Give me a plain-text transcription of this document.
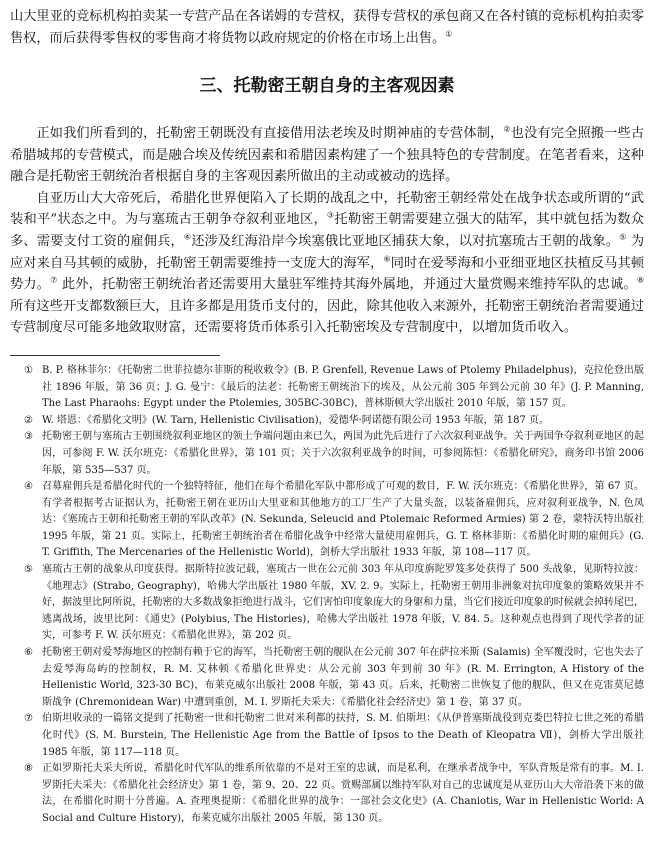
山大里亚的竞标机构拍卖某一专营产品在各诺姆的专营权，获得专营权的承包商又在各村镇的竞标机构拍卖零售权，而后获得零售权的零售商才将货物以政府规定的价格在市场上出售。①

三、托勒密王朝自身的主客观因素

正如我们所看到的，托勒密王朝既没有直接借用法老埃及时期神庙的专营体制，②也没有完全照搬一些古希腊城邦的专营模式，而是融合埃及传统因素和希腊因素构建了一个独具特色的专营制度。在笔者看来，这种融合是托勒密王朝统治者根据自身的主客观因素所做出的主动或被动的选择。

自亚历山大大帝死后，希腊化世界便陷入了长期的战乱之中，托勒密王朝经常处在战争状态或所谓的“武装和平”状态之中。为与塞琉古王朝争夺叙利亚地区，③托勒密王朝需要建立强大的陆军，其中就包括为数众多、需要支付工资的雇佣兵，④还涉及红海沿岸今埃塞俄比亚地区捕获大象，以对抗塞琉古王朝的战象。⑤ 为应对来自马其顿的威胁，托勒密王朝需要维持一支庞大的海军，⑥同时在爱琴海和小亚细亚地区扶植反马其顿势力。⑦ 此外，托勒密王朝统治者还需要用大量驻军维持其海外属地，并通过大量赏赐来维持军队的忠诚。⑧ 所有这些开支都数额巨大，且许多都是用货币支付的，因此，除其他收入来源外，托勒密王朝统治者需要通过专营制度尽可能多地敛取财富，还需要将货币体系引入托勒密埃及专营制度中，以增加货币收入。

① B. P. 格林菲尔：《托勒密二世菲拉德尔菲斯的税收敕令》(B. P. Grenfell, Revenue Laws of Ptolemy Philadelphus)，克拉伦登出版社 1896 年版，第 36 页；J. G. 曼宁：《最后的法老：托勒密王朝统治下的埃及，从公元前 305 年到公元前 30 年》(J. P. Manning, The Last Pharaohs: Egypt under the Ptolemies, 305BC-30BC)，普林斯顿大学出版社 2010 年版，第 157 页。
② W. 塔恩：《希腊化文明》(W. Tarn, Hellenistic Civilisation)，爱德华·阿诺德有限公司 1953 年版，第 187 页。
③ 托勒密王朝与塞琉古王朝围绕叙利亚地区的领土争端问题由来已久，两国为此先后进行了六次叙利亚战争。关于两国争夺叙利亚地区的起因，可参阅 F. W. 沃尔班克：《希腊化世界》，第 101 页；关于六次叙利亚战争的时间，可参阅陈恒：《希腊化研究》，商务印书馆 2006 年版，第 535—537 页。
④ 召募雇佣兵是希腊化时代的一个独特特征，他们在每个希腊化军队中都形成了可观的数目，F. W. 沃尔班克：《希腊化世界》，第 67 页。有学者根据考古证据认为，托勒密王朝在亚历山大里亚和其他地方的工厂生产了大量头盔，以装备雇佣兵，应对叙利亚战争，N. 色凤达：《塞琉古王朝和托勒密王朝的军队改革》(N. Sekunda, Seleucid and Ptolemaic Reformed Armies) 第 2 卷，蒙特沃特出版社 1995 年版，第 21 页。实际上，托勒密王朝统治者在希腊化战争中经常大量使用雇佣兵，G. T. 格林菲斯：《希腊化时期的雇佣兵》(G. T. Griffith, The Mercenaries of the Hellenistic World)，剑桥大学出版社 1933 年版，第 108—117 页。
⑤ 塞琉古王朝的战象从印度获得。据斯特拉波记载，塞琉古一世在公元前 303 年从印度旃陀罗笈多处获得了 500 头战象，见斯特拉波：《地理志》(Strabo, Geography)，哈佛大学出版社 1980 年版，XV. 2. 9。实际上，托勒密王朝用非洲象对抗印度象的策略效果并不好，据波里比阿所说，托勒密的大多数战象拒绝进行战斗，它们害怕印度象庞大的身躯和力量，当它们接近印度象的时候就会掉转尾巴，逃离战场，波里比阿：《通史》(Polybius, The Histories)，哈佛大学出版社 1978 年版，V. 84. 5。这种观点也得到了现代学者的证实，可参考 F. W. 沃尔班克：《希腊化世界》，第 202 页。
⑥ 托勒密王朝对爱琴海地区的控制有赖于它的海军，当托勒密王朝的舰队在公元前 307 年在萨拉米斯 (Salamis) 全军覆没时，它也失去了去爱琴海岛屿的控制权，R. M. 艾林顿《希腊化世界史：从公元前 303 年到前 30 年》(R. M. Errington, A History of the Hellenistic World, 323-30 BC)，布莱克威尔出版社 2008 年版，第 43 页。后来，托勒密二世恢复了他的舰队，但又在克雷莫尼德斯战争 (Chremonidean War) 中遭到重创，M. I. 罗斯托夫采夫：《希腊化社会经济史》第 1 卷，第 37 页。
⑦ 伯斯坦收录的一篇铭文提到了托勒密一世和托勒密二世对米利都的扶持，S. M. 伯斯坦：《从伊普塞斯战役到克娄巴特拉七世之死的希腊化时代》(S. M. Burstein, The Hellenistic Age from the Battle of Ipsos to the Death of Kleopatra Ⅶ)，剑桥大学出版社 1985 年版，第 117—118 页。
⑧ 正如罗斯托夫采夫所说，希腊化时代军队的维系所依靠的不是对王室的忠诚，而是私利，在继承者战争中，军队背叛是常有的事。M. I. 罗斯托夫采夫：《希腊化社会经济史》第 1 卷，第 9、20、22 页。赏赐部属以维持军队对自己的忠诚度是从亚历山大大帝沿袭下来的做法，在希腊化时期十分普遍。A. 查理奥提斯：《希腊化世界的战争：一部社会文化史》(A. Chaniotis, War in Hellenistic World: A Social and Culture History)，布莱克威尔出版社 2005 年版，第 130 页。
